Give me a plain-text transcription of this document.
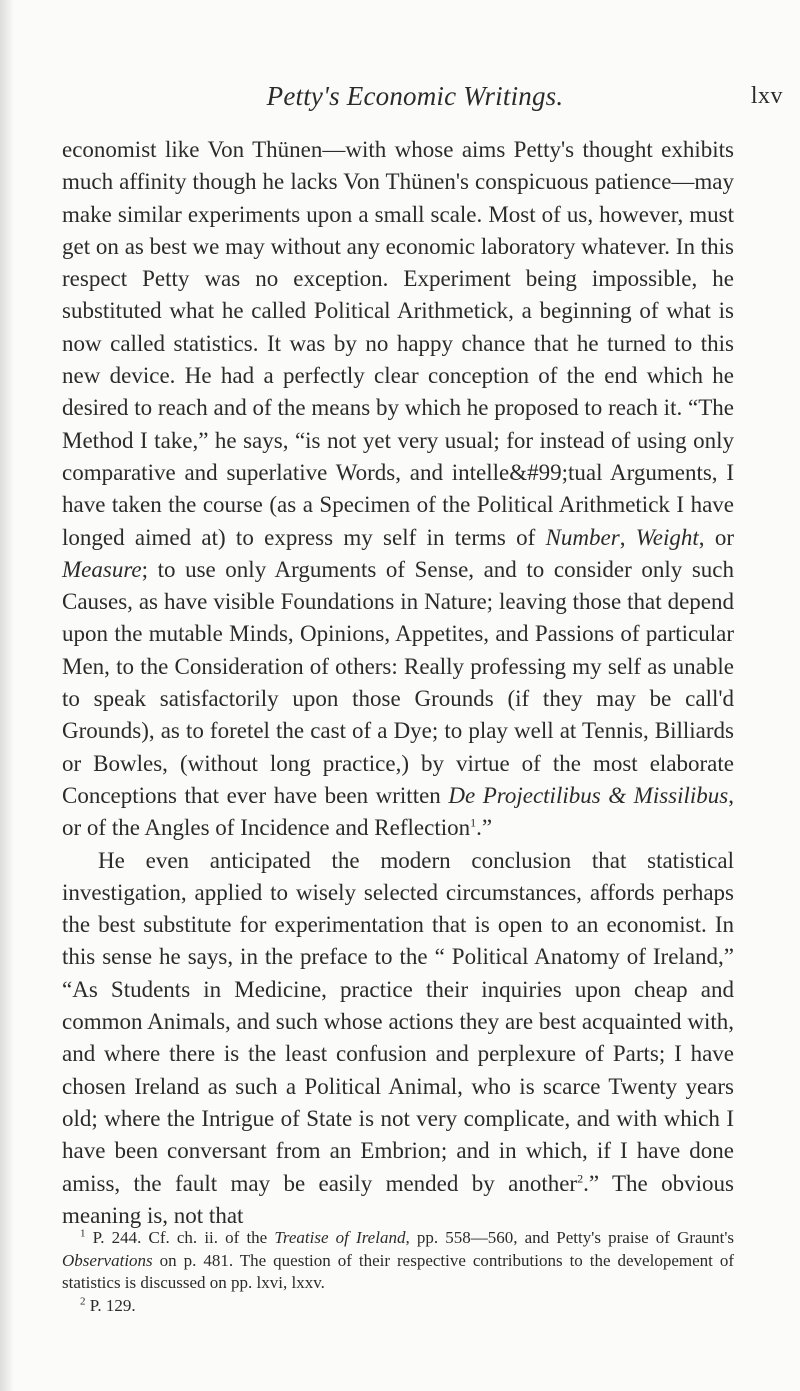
Petty's Economic Writings.	lxv

economist like Von Thünen—with whose aims Petty's thought exhibits much affinity though he lacks Von Thünen's conspicuous patience—may make similar experiments upon a small scale. Most of us, however, must get on as best we may without any economic laboratory whatever. In this respect Petty was no exception. Experiment being impossible, he substituted what he called Political Arithmetick, a beginning of what is now called statistics. It was by no happy chance that he turned to this new device. He had a perfectly clear conception of the end which he desired to reach and of the means by which he proposed to reach it. “The Method I take,” he says, “is not yet very usual; for instead of using only comparative and superlative Words, and intelle&#99;tual Arguments, I have taken the course (as a Specimen of the Political Arithmetick I have longed aimed at) to express my self in terms of Number, Weight, or Measure; to use only Arguments of Sense, and to consider only such Causes, as have visible Foundations in Nature; leaving those that depend upon the mutable Minds, Opinions, Appetites, and Passions of particular Men, to the Consideration of others: Really professing my self as unable to speak satisfactorily upon those Grounds (if they may be call'd Grounds), as to foretel the cast of a Dye; to play well at Tennis, Billiards or Bowles, (without long practice,) by virtue of the most elaborate Conceptions that ever have been written De Projectilibus & Missilibus, or of the Angles of Incidence and Reflection$^1$.”

He even anticipated the modern conclusion that statistical investigation, applied to wisely selected circumstances, affords perhaps the best substitute for experimentation that is open to an economist. In this sense he says, in the preface to the “ Political Anatomy of Ireland,” “As Students in Medicine, practice their inquiries upon cheap and common Animals, and such whose actions they are best acquainted with, and where there is the least confusion and perplexure of Parts; I have chosen Ireland as such a Political Animal, who is scarce Twenty years old; where the Intrigue of State is not very complicate, and with which I have been conversant from an Embrion; and in which, if I have done amiss, the fault may be easily mended by another$^2$.” The obvious meaning is, not that

$^1$ P. 244. Cf. ch. ii. of the Treatise of Ireland, pp. 558—560, and Petty's praise of Graunt's Observations on p. 481. The question of their respective contributions to the developement of statistics is discussed on pp. lxvi, lxxv.

$^2$ P. 129.
